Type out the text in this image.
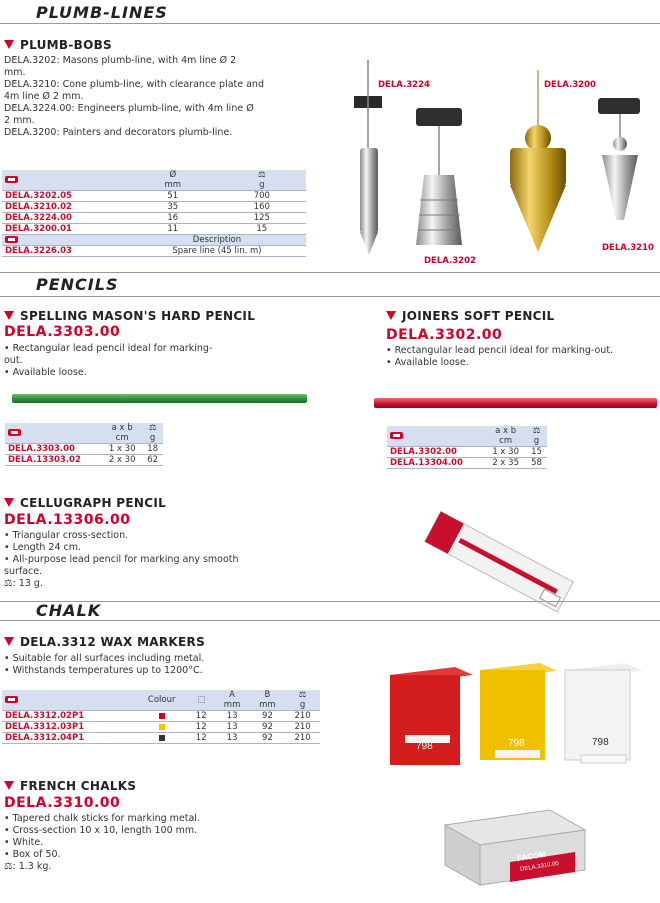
PLUMB-LINES
PLUMB-BOBS
DELA.3202: Masons plumb-line, with 4m line Ø 2
mm.
DELA.3210: Cone plumb-line, with clearance plate and
4m line Ø 2 mm.
DELA.3224.00: Engineers plumb-line, with 4m line Ø
2 mm.
DELA.3200: Painters and decorators plumb-line.
	Ø	⚖
	mm	g
DELA.3202.05	51	700
DELA.3210.02	35	160
DELA.3224.00	16	125
DELA.3200.01	11	15
	Description	
DELA.3226.03	Spare line (45 lin. m)	
DELA.3224	DELA.3200
DELA.3202
DELA.3210
PENCILS
SPELLING MASON'S HARD PENCIL
DELA.3303.00
• Rectangular lead pencil ideal for marking-
out.
• Available loose.
	a x b	⚖
	cm	g
DELA.3303.00	1 x 30	18
DELA.13303.02	2 x 30	62
JOINERS SOFT PENCIL
DELA.3302.00
• Rectangular lead pencil ideal for marking-out.
• Available loose.
	a x b	⚖
	cm	g
DELA.3302.00	1 x 30	15
DELA.13304.00	2 x 35	58
CELLUGRAPH PENCIL
DELA.13306.00
• Triangular cross-section.
• Length 24 cm.
• All-purpose lead pencil for marking any smooth
surface.
⚖: 13 g.
CHALK
DELA.3312 WAX MARKERS
• Suitable for all surfaces including metal.
• Withstands temperatures up to 1200°C.
	Colour	⬚	A	B	⚖
			mm	mm	g
DELA.3312.02P1		12	13	92	210
DELA.3312.03P1		12	13	92	210
DELA.3312.04P1		12	13	92	210
798	798	798
FRENCH CHALKS
DELA.3310.00
• Tapered chalk sticks for marking metal.
• Cross-section 10 x 10, length 100 mm.
• White.
• Box of 50.
⚖: 1.3 kg.
FACOM
DELA.3310.00
